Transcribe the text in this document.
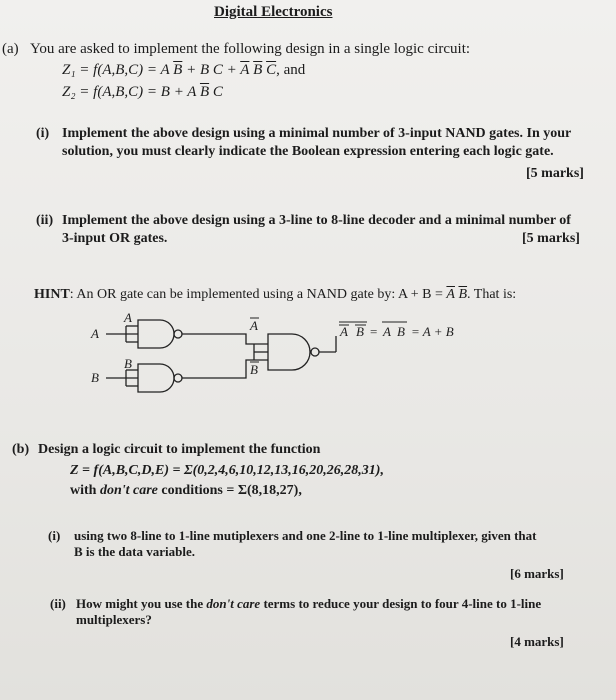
Digital Electronics
(a) You are asked to implement the following design in a single logic circuit:
Z₁ = f(A,B,C) = A $\overline{B} + B$ $C + \overline{A}$ $\overline{B}$ $\overline{C}$, and
Z₂ = f(A,B,C) = B + A $\overline{B}$ C
(i) Implement the above design using a minimal number of 3-input NAND gates. In your
solution, you must clearly indicate the Boolean expression entering each logic gate.
[5 marks]
(ii) Implement the above design using a 3-line to 8-line decoder and a minimal number of
3-input OR gates.	[5 marks]
HINT: An OR gate can be implemented using a NAND gate by: $A + B = \overline{A}$ $\overline{B}$. That is:
A
B
A
B
A
B
A B = A B = A + B
(b) Design a logic circuit to implement the function
Z = f(A,B,C,D,E) = Σ(0,2,4,6,10,12,13,16,20,26,28,31),
with don't care conditions = Σ(8,18,27),
(i) using two 8-line to 1-line mutiplexers and one 2-line to 1-line multiplexer, given that
B is the data variable.
[6 marks]
(ii) How might you use the don't care terms to reduce your design to four 4-line to 1-line
multiplexers?
[4 marks]
